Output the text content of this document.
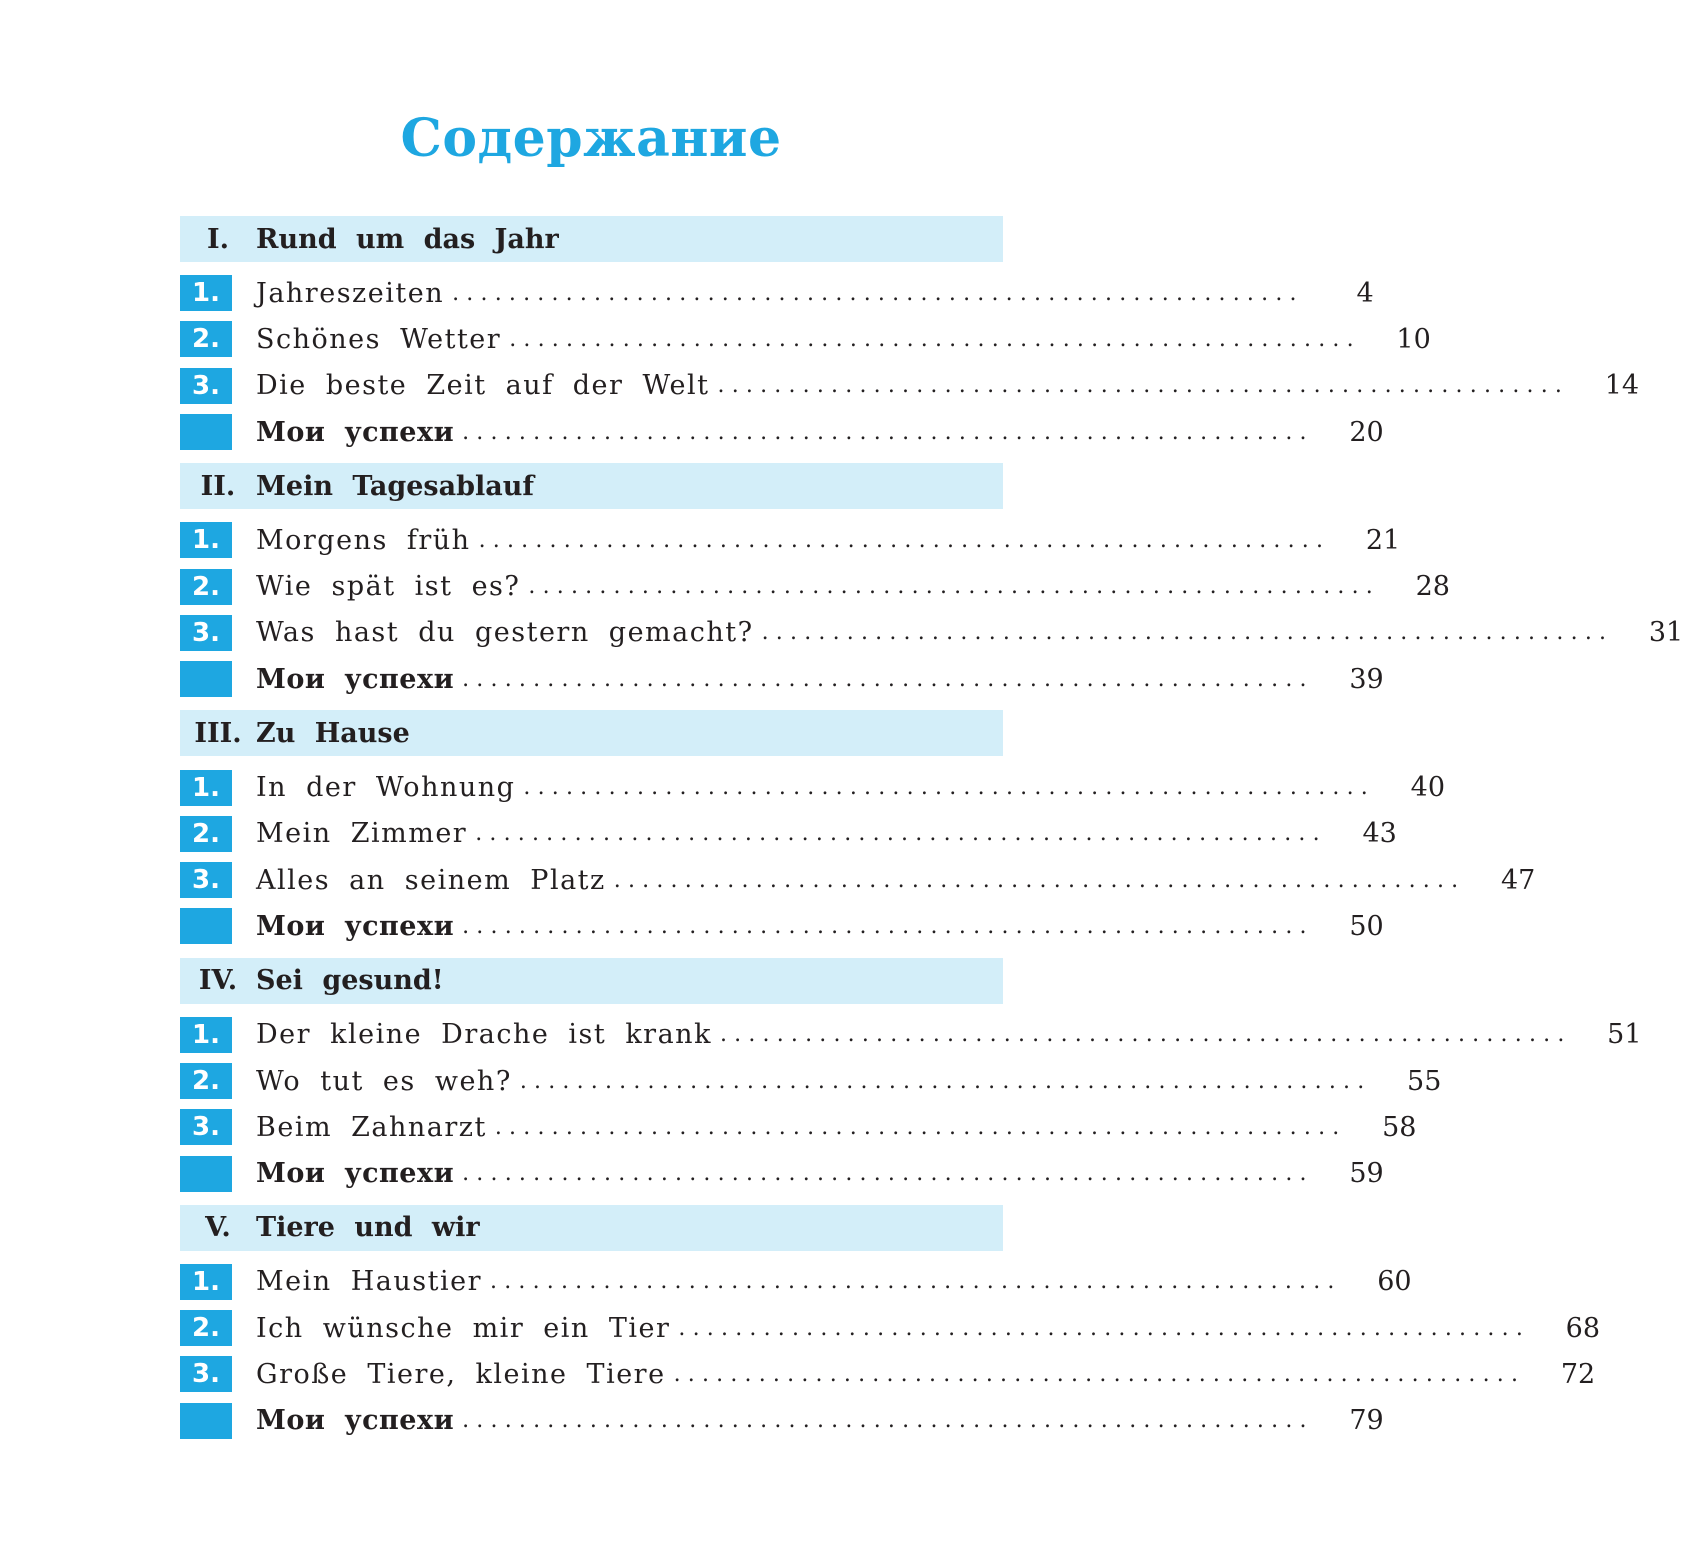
Содержание
I. Rund um das Jahr
1.	Jahreszeiten ............................................................	4
2.	Schönes Wetter ............................................................ 10
3.	Die beste Zeit auf der Welt ............................................................ 14
Мои успехи ............................................................ 20
II. Mein Tagesablauf
1.	Morgens früh ............................................................ 21
2.	Wie spät ist es? ............................................................ 28
3.	Was hast du gestern gemacht? ............................................................ 31
Мои успехи ............................................................ 39
III. Zu Hause
1.	In der Wohnung ............................................................ 40
2.	Mein Zimmer ............................................................ 43
3.	Alles an seinem Platz ............................................................ 47
Мои успехи ............................................................ 50
IV. Sei gesund!
1.	Der kleine Drache ist krank ............................................................ 51
2.	Wo tut es weh? ............................................................ 55
3.	Beim Zahnarzt ............................................................ 58
Мои успехи ............................................................ 59
V. Tiere und wir
1.	Mein Haustier ............................................................ 60
2.	Ich wünsche mir ein Tier ............................................................ 68
3.	Große Tiere, kleine Tiere ............................................................ 72
Мои успехи ............................................................ 79
